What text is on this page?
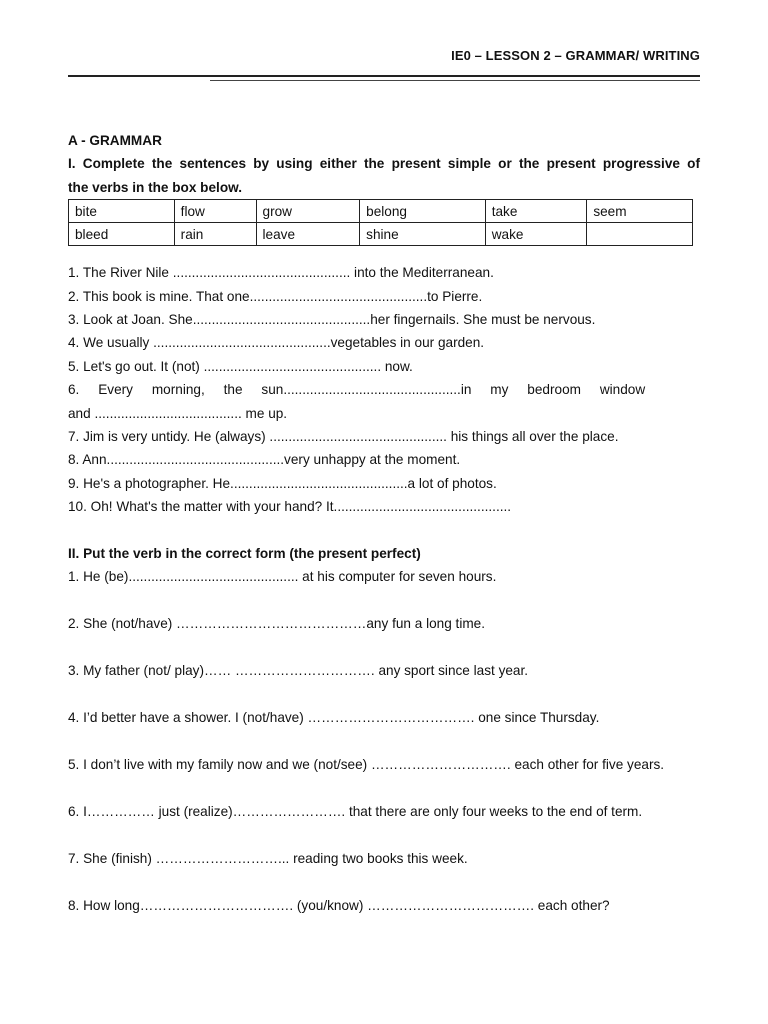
IE0 – LESSON 2 – GRAMMAR/ WRITING
A - GRAMMAR
I. Complete the sentences by using either the present simple or the present progressive of
the verbs in the box below.
bite	flow	grow	belong	take	seem
bleed	rain	leave	shine	wake	
1. The River Nile ............................................... into the Mediterranean.
2. This book is mine. That one...............................................to Pierre.
3. Look at Joan. She...............................................her fingernails. She must be nervous.
4. We usually ...............................................vegetables in our garden.
5. Let's go out. It (not) ............................................... now.
6.     Every     morning,     the     sun...............................................in     my     bedroom     window
and ....................................... me up.
7. Jim is very untidy. He (always) ............................................... his things all over the place.
8. Ann...............................................very unhappy at the moment.
9. He's a photographer. He...............................................a lot of photos.
10. Oh! What's the matter with your hand? It...............................................
II. Put the verb in the correct form (the present perfect)
1. He (be)............................................. at his computer for seven hours.
2. She (not/have) ……………………………………any fun a long time.
3. My father (not/ play)…… …………………………. any sport since last year.
4. I’d better have a shower. I (not/have) ………………………………. one since Thursday.
5. I don’t live with my family now and we (not/see) …………………………. each other for five years.
6. I…………… just (realize)……………………. that there are only four weeks to the end of term.
7. She (finish) ………………………... reading two books this week.
8. How long……………………………. (you/know) ………………………………. each other?
